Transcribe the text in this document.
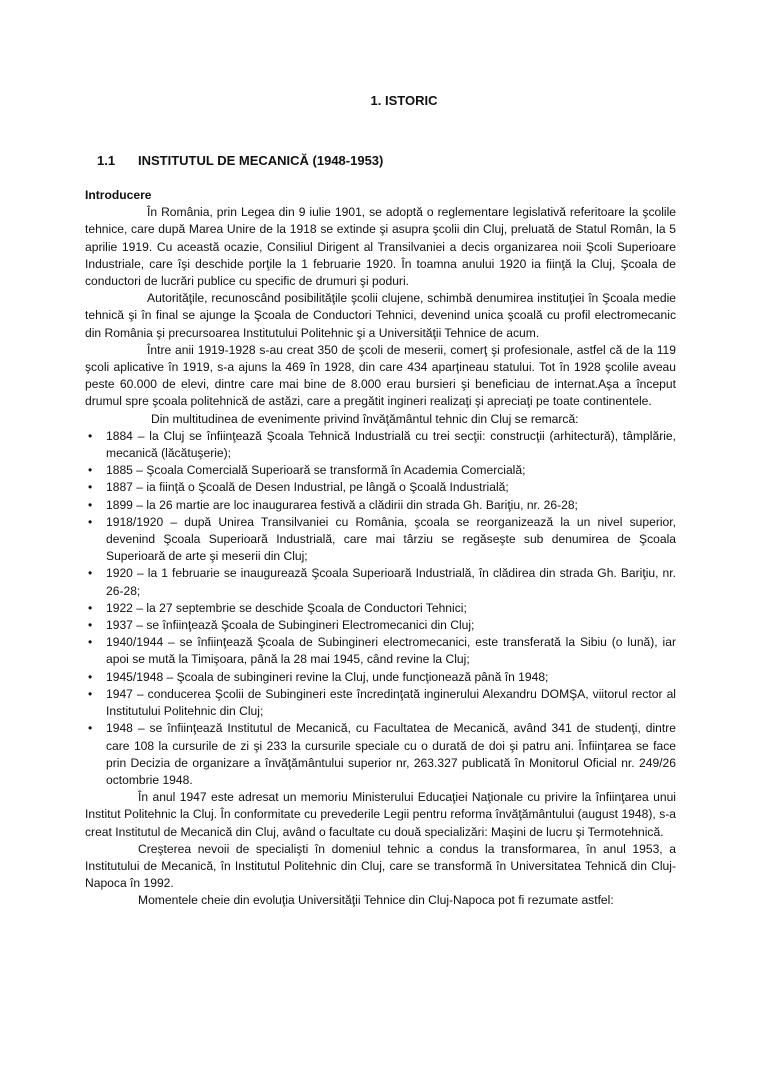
1. ISTORIC
1.1 INSTITUTUL DE MECANICĂ (1948-1953)
Introducere

În România, prin Legea din 9 iulie 1901, se adoptă o reglementare legislativă referitoare la şcolile tehnice, care după Marea Unire de la 1918 se extinde şi asupra şcolii din Cluj, preluată de Statul Român, la 5 aprilie 1919. Cu această ocazie, Consiliul Dirigent al Transilvaniei a decis organizarea noii Şcoli Superioare Industriale, care îşi deschide porţile la 1 februarie 1920. În toamna anului 1920 ia fiinţă la Cluj, Şcoala de conductori de lucrări publice cu specific de drumuri şi poduri.

Autorităţile, recunoscând posibilităţile şcolii clujene, schimbă denumirea instituţiei în Şcoala medie tehnică şi în final se ajunge la Şcoala de Conductori Tehnici, devenind unica şcoală cu profil electromecanic din România şi precursoarea Institutului Politehnic şi a Universităţii Tehnice de acum.

Între anii 1919-1928 s-au creat 350 de şcoli de meserii, comerţ şi profesionale, astfel că de la 119 şcoli aplicative în 1919, s-a ajuns la 469 în 1928, din care 434 aparţineau statului. Tot în 1928 şcolile aveau peste 60.000 de elevi, dintre care mai bine de 8.000 erau bursieri şi beneficiau de internat.Aşa a început drumul spre şcoala politehnică de astăzi, care a pregătit ingineri realizaţi şi apreciaţi pe toate continentele.

Din multitudinea de evenimente privind învăţământul tehnic din Cluj se remarcă:

• 1884 – la Cluj se înfiinţează Şcoala Tehnică Industrială cu trei secţii: construcţii (arhitectură), tâmplărie, mecanică (lăcătuşerie);
• 1885 – Şcoala Comercială Superioară se transformă în Academia Comercială;
• 1887 – ia fiinţă o Şcoală de Desen Industrial, pe lângă o Şcoală Industrială;
• 1899 – la 26 martie are loc inaugurarea festivă a clădirii din strada Gh. Bariţiu, nr. 26-28;
• 1918/1920 – după Unirea Transilvaniei cu România, şcoala se reorganizează la un nivel superior, devenind Şcoala Superioară Industrială, care mai târziu se regăseşte sub denumirea de Şcoala Superioară de arte şi meserii din Cluj;
• 1920 – la 1 februarie se inaugurează Şcoala Superioară Industrială, în clădirea din strada Gh. Bariţiu, nr. 26-28;
• 1922 – la 27 septembrie se deschide Şcoala de Conductori Tehnici;
• 1937 – se înfiinţează Şcoala de Subingineri Electromecanici din Cluj;
• 1940/1944 – se înfiinţează Şcoala de Subingineri electromecanici, este transferată la Sibiu (o lună), iar apoi se mută la Timişoara, până la 28 mai 1945, când revine la Cluj;
• 1945/1948 – Şcoala de subingineri revine la Cluj, unde funcţionează până în 1948;
• 1947 – conducerea Şcolii de Subingineri este încredinţată inginerului Alexandru DOMŞA, viitorul rector al Institutului Politehnic din Cluj;
• 1948 – se înfiinţează Institutul de Mecanică, cu Facultatea de Mecanică, având 341 de studenţi, dintre care 108 la cursurile de zi şi 233 la cursurile speciale cu o durată de doi şi patru ani. Înfiinţarea se face prin Decizia de organizare a învăţământului superior nr, 263.327 publicată în Monitorul Oficial nr. 249/26 octombrie 1948.

În anul 1947 este adresat un memoriu Ministerului Educaţiei Naţionale cu privire la înfiinţarea unui Institut Politehnic la Cluj. În conformitate cu prevederile Legii pentru reforma învăţământului (august 1948), s-a creat Institutul de Mecanică din Cluj, având o facultate cu două specializări: Maşini de lucru şi Termotehnică.

Creşterea nevoii de specialişti în domeniul tehnic a condus la transformarea, în anul 1953, a Institutului de Mecanică, în Institutul Politehnic din Cluj, care se transformă în Universitatea Tehnică din Cluj-Napoca în 1992.

Momentele cheie din evoluţia Universităţii Tehnice din Cluj-Napoca pot fi rezumate astfel:
